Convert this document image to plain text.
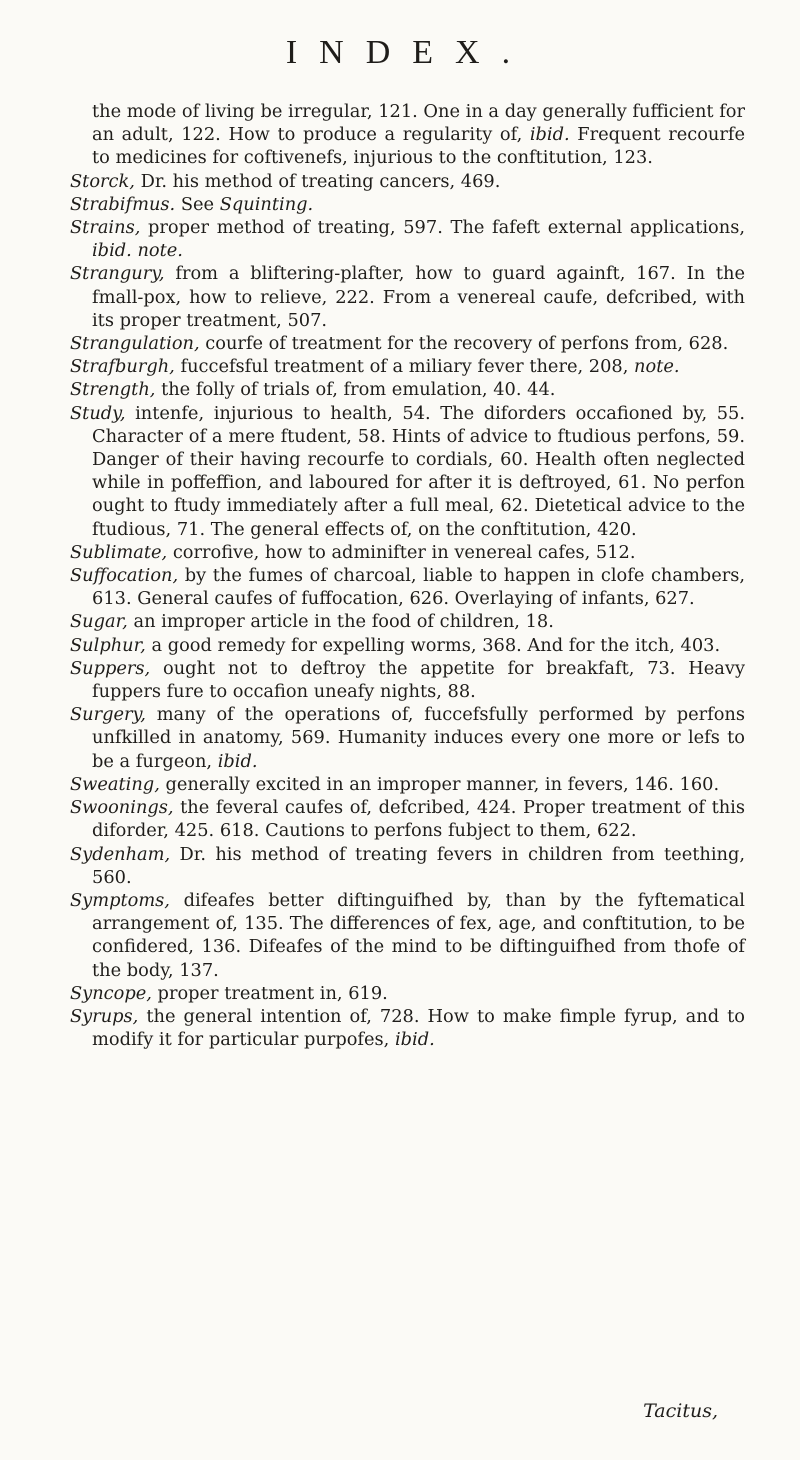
INDEX.

the mode of living be irregular, 121. One in a day generally fufficient for an adult, 122. How to produce a regularity of, ibid. Frequent recourfe to medicines for coftivenefs, injurious to the conftitution, 123.

Storck, Dr. his method of treating cancers, 469.

Strabifmus. See Squinting.

Strains, proper method of treating, 597. The fafeft external applications, ibid. note.

Strangury, from a bliftering-plafter, how to guard againft, 167. In the fmall-pox, how to relieve, 222. From a venereal caufe, defcribed, with its proper treatment, 507.

Strangulation, courfe of treatment for the recovery of perfons from, 628.

Strafburgh, fuccefsful treatment of a miliary fever there, 208, note.

Strength, the folly of trials of, from emulation, 40. 44.

Study, intenfe, injurious to health, 54. The diforders occafioned by, 55. Character of a mere ftudent, 58. Hints of advice to ftudious perfons, 59. Danger of their having recourfe to cordials, 60. Health often neglected while in poffeffion, and laboured for after it is deftroyed, 61. No perfon ought to ftudy immediately after a full meal, 62. Dietetical advice to the ftudious, 71. The general effects of, on the conftitution, 420.

Sublimate, corrofive, how to adminifter in venereal cafes, 512.

Suffocation, by the fumes of charcoal, liable to happen in clofe chambers, 613. General caufes of fuffocation, 626. Overlaying of infants, 627.

Sugar, an improper article in the food of children, 18.

Sulphur, a good remedy for expelling worms, 368. And for the itch, 403.

Suppers, ought not to deftroy the appetite for breakfaft, 73. Heavy fuppers fure to occafion uneafy nights, 88.

Surgery, many of the operations of, fuccefsfully performed by perfons unfkilled in anatomy, 569. Humanity induces every one more or lefs to be a furgeon, ibid.

Sweating, generally excited in an improper manner, in fevers, 146. 160.

Swoonings, the feveral caufes of, defcribed, 424. Proper treatment of this diforder, 425. 618. Cautions to perfons fubject to them, 622.

Sydenham, Dr. his method of treating fevers in children from teething, 560.

Symptoms, difeafes better diftinguifhed by, than by the fyftematical arrangement of, 135. The differences of fex, age, and conftitution, to be confidered, 136. Difeafes of the mind to be diftinguifhed from thofe of the body, 137.

Syncope, proper treatment in, 619.

Syrups, the general intention of, 728. How to make fimple fyrup, and to modify it for particular purpofes, ibid.

Tacitus,
